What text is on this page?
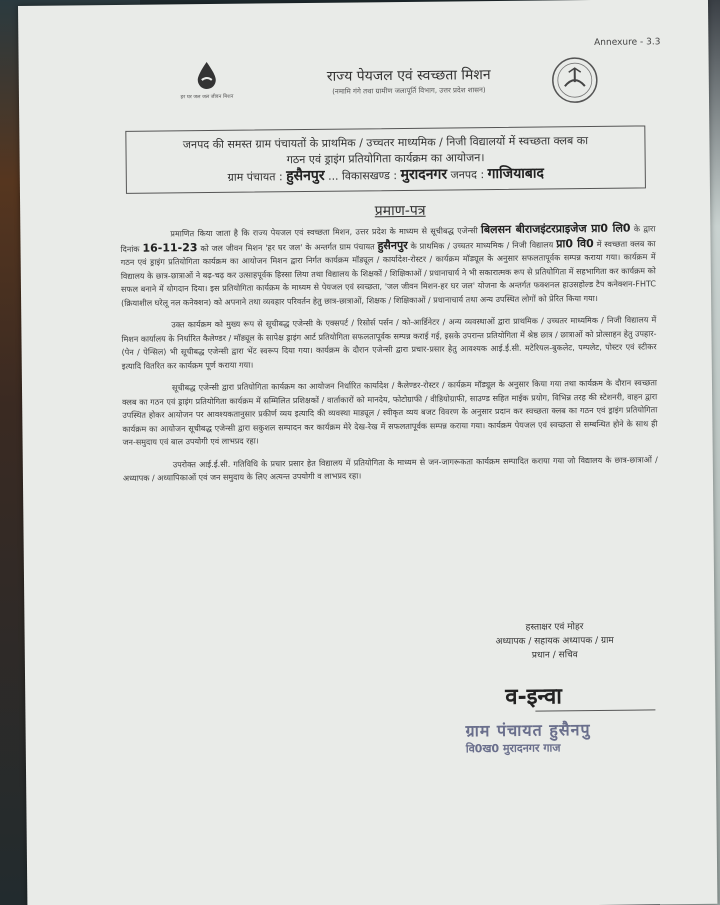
Annexure - 3.3
हर घर जल जल जीवन मिशन
राज्य पेयजल एवं स्वच्छता मिशन
(नमामि गंगे तथा ग्रामीण जलापूर्ति विभाग, उत्तर प्रदेश शासन)
जनपद की समस्त ग्राम पंचायतों के प्राथमिक / उच्चतर माध्यमिक / निजी विद्यालयों में स्वच्छता क्लब का
गठन एवं ड्राइंग प्रतियोगिता कार्यक्रम का आयोजन।
ग्राम पंचायत : हुसैनपुर ... विकासखण्ड : मुरादनगर जनपद : गाजियाबाद
प्रमाण-पत्र
प्रमाणित किया जाता है कि राज्य पेयजल एवं स्वच्छता मिशन, उत्तर प्रदेश के माध्यम से सूचीबद्ध एजेन्सी बिलसन बीराजइंटरप्राइजेज प्रा0 लि0 के द्वारा दिनांक 16-11-23 को जल जीवन मिशन 'हर घर जल' के अन्तर्गत ग्राम पंचायत हुसैनपुर के प्राथमिक / उच्चतर माध्यमिक / निजी विद्यालय प्रा0 वि0 में स्वच्छता क्लब का गठन एवं ड्राइंग प्रतियोगिता कार्यक्रम का आयोजन मिशन द्वारा निर्गत कार्यक्रम मॉड्यूल / कार्यादेश-रोस्टर / कार्यक्रम मॉड्यूल के अनुसार सफलतापूर्वक सम्पन्न कराया गया। कार्यक्रम में विद्यालय के छात्र-छात्राओं ने बढ़-चढ़ कर उत्साहपूर्वक हिस्सा लिया तथा विद्यालय के शिक्षकों / शिक्षिकाओं / प्रधानाचार्य ने भी सकारात्मक रूप से प्रतियोगिता में सहभागिता कर कार्यक्रम को सफल बनाने में योगदान दिया। इस प्रतियोगिता कार्यक्रम के माध्यम से पेयजल एवं स्वच्छता, 'जल जीवन मिशन-हर घर जल' योजना के अन्तर्गत फक्शनल हाउसहोल्ड टैप कनेक्शन-FHTC (क्रियाशील घरेलू नल कनेक्शन) को अपनाने तथा व्यवहार परिवर्तन हेतु छात्र-छात्राओं, शिक्षक / शिक्षिकाओं / प्रधानाचार्य तथा अन्य उपस्थित लोगों को प्रेरित किया गया।
उक्त कार्यक्रम को मुख्य रूप से सूचीबद्ध एजेन्सी के एक्सपर्ट / रिसोर्स पर्सन / को-आर्डिनेटर / अन्य व्यवस्थाओं द्वारा प्राथमिक / उच्चतर माध्यमिक / निजी विद्यालय में मिशन कार्यालय के निर्धारित कैलेण्डर / मॉड्यूल के सापेक्ष ड्राइंग आर्ट प्रतियोगिता सफलतापूर्वक सम्पन्न कराई गई, इसके उपरान्त प्रतियोगिता में श्रेष्ठ छात्र / छात्राओं को प्रोत्साहन हेतु उपहार-(पेन / पेन्सिल) भी सूचीबद्ध एजेन्सी द्वारा भेंट स्वरूप दिया गया। कार्यक्रम के दौरान एजेन्सी द्वारा प्रचार-प्रसार हेतु आवश्यक आई.ई.सी. मटेरियल-बुकलेट, पम्पलेट, पोस्टर एवं स्टीकर इत्यादि वितरित कर कार्यक्रम पूर्ण कराया गया।
सूचीबद्ध एजेन्सी द्वारा प्रतियोगिता कार्यक्रम का आयोजन निर्धारित कार्यादेश / कैलेण्डर-रोस्टर / कार्यक्रम मॉड्यूल के अनुसार किया गया तथा कार्यक्रम के दौरान स्वच्छता क्लब का गठन एवं ड्राइंग प्रतियोगिता कार्यक्रम में सम्मिलित प्रशिक्षकों / वार्ताकारों को मानदेय, फोटोग्राफी / वीडियोग्राफी, साउण्ड सहित माईक प्रयोग, विभिन्न तरह की स्टेशनरी, वाहन द्वारा उपस्थित होकर आयोजन पर आवश्यकतानुसार प्रकीर्ण व्यय इत्यादि की व्यवस्था माड्यूल / स्वीकृत व्यय बजट विवरण के अनुसार प्रदान कर स्वच्छता क्लब का गठन एवं ड्राइंग प्रतियोगिता कार्यक्रम का आयोजन सूचीबद्ध एजेन्सी द्वारा सकुशल सम्पादन कर कार्यक्रम मेरे देख-रेख में सफलतापूर्वक सम्पन्न कराया गया। कार्यक्रम पेयजल एवं स्वच्छता से सम्बन्धित होने के साथ ही जन-समुदाय एवं बाल उपयोगी एवं लाभप्रद रहा।
उपरोक्त आई.ई.सी. गतिविधि के प्रचार प्रसार हेत विद्यालय में प्रतियोगिता के माध्यम से जन-जागरूकता कार्यक्रम सम्पादित कराया गया जो विद्यालय के छात्र-छात्राओं / अध्यापक / अध्यापिकाओं एवं जन समुदाय के लिए अत्यन्त उपयोगी व लाभप्रद रहा।
हस्ताक्षर एवं मोहर
अध्यापक / सहायक अध्यापक / ग्राम
प्रधान / सचिव
व-इन्वा
ग्राम पंचायत हुसैनपु
वि0ख0 मुरादनगर गाज
